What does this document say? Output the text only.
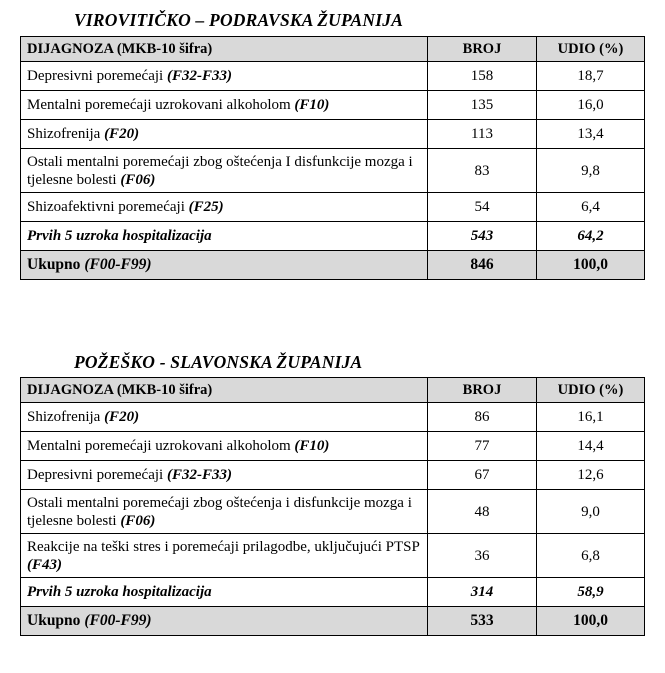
VIROVITIČKO – PODRAVSKA ŽUPANIJA
DIJAGNOZA (MKB-10 šifra)	BROJ	UDIO (%)
Depresivni poremećaji (F32-F33)	158	18,7
Mentalni poremećaji uzrokovani alkoholom (F10)	135	16,0
Shizofrenija (F20)	113	13,4
Ostali mentalni poremećaji zbog oštećenja I disfunkcije mozga i tjelesne bolesti (F06)	83	9,8
Shizoafektivni poremećaji (F25)	54	6,4
Prvih 5 uzroka hospitalizacija	543	64,2
Ukupno (F00-F99)	846	100,0
POŽEŠKO - SLAVONSKA ŽUPANIJA
DIJAGNOZA (MKB-10 šifra)	BROJ	UDIO (%)
Shizofrenija (F20)	86	16,1
Mentalni poremećaji uzrokovani alkoholom (F10)	77	14,4
Depresivni poremećaji (F32-F33)	67	12,6
Ostali mentalni poremećaji zbog oštećenja i disfunkcije mozga i tjelesne bolesti (F06)	48	9,0
Reakcije na teški stres i poremećaji prilagodbe, uključujući PTSP (F43)	36	6,8
Prvih 5 uzroka hospitalizacija	314	58,9
Ukupno (F00-F99)	533	100,0
